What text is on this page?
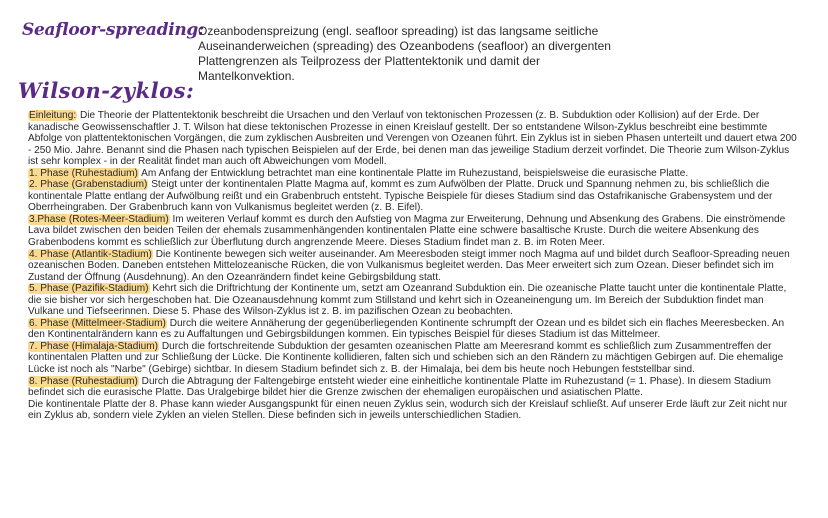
Seafloor-spreading:
Ozeanbodenspreizung (engl. seafloor spreading) ist das langsame seitliche Auseinanderweichen (spreading) des Ozeanbodens (seafloor) an divergenten Plattengrenzen als Teilprozess der Plattentektonik und damit der Mantelkonvektion.
Wilson-zyklos:

Einleitung: Die Theorie der Plattentektonik beschreibt die Ursachen und den Verlauf von tektonischen Prozessen (z. B. Subduktion oder Kollision) auf der Erde. Der kanadische Geowissenschaftler J. T. Wilson hat diese tektonischen Prozesse in einen Kreislauf gestellt. Der so entstandene Wilson-Zyklus beschreibt eine bestimmte Abfolge von plattentektonischen Vorgängen, die zum zyklischen Ausbreiten und Verengen von Ozeanen führt. Ein Zyklus ist in sieben Phasen unterteilt und dauert etwa 200 - 250 Mio. Jahre. Benannt sind die Phasen nach typischen Beispielen auf der Erde, bei denen man das jeweilige Stadium derzeit vorfindet. Die Theorie zum Wilson-Zyklus ist sehr komplex - in der Realität findet man auch oft Abweichungen vom Modell.

1. Phase (Ruhestadium) Am Anfang der Entwicklung betrachtet man eine kontinentale Platte im Ruhezustand, beispielsweise die eurasische Platte.

2. Phase (Grabenstadium) Steigt unter der kontinentalen Platte Magma auf, kommt es zum Aufwölben der Platte. Druck und Spannung nehmen zu, bis schließlich die kontinentale Platte entlang der Aufwölbung reißt und ein Grabenbruch entsteht. Typische Beispiele für dieses Stadium sind das Ostafrikanische Grabensystem und der Oberrheingraben. Der Grabenbruch kann von Vulkanismus begleitet werden (z. B. Eifel).

3.Phase (Rotes-Meer-Stadium) Im weiteren Verlauf kommt es durch den Aufstieg von Magma zur Erweiterung, Dehnung und Absenkung des Grabens. Die einströmende Lava bildet zwischen den beiden Teilen der ehemals zusammenhängenden kontinentalen Platte eine schwere basaltische Kruste. Durch die weitere Absenkung des Grabenbodens kommt es schließlich zur Überflutung durch angrenzende Meere. Dieses Stadium findet man z. B. im Roten Meer.

4. Phase (Atlantik-Stadium) Die Kontinente bewegen sich weiter auseinander. Am Meeresboden steigt immer noch Magma auf und bildet durch Seafloor-Spreading neuen ozeanischen Boden. Daneben entstehen Mittelozeanische Rücken, die von Vulkanismus begleitet werden. Das Meer erweitert sich zum Ozean. Dieser befindet sich im Zustand der Öffnung (Ausdehnung). An den Ozeanrändern findet keine Gebirgsbildung statt.

5. Phase (Pazifik-Stadium) Kehrt sich die Driftrichtung der Kontinente um, setzt am Ozeanrand Subduktion ein. Die ozeanische Platte taucht unter die kontinentale Platte, die sie bisher vor sich hergeschoben hat. Die Ozeanausdehnung kommt zum Stillstand und kehrt sich in Ozeaneinengung um. Im Bereich der Subduktion findet man Vulkane und Tiefseerinnen. Diese 5. Phase des Wilson-Zyklus ist z. B. im pazifischen Ozean zu beobachten.

6. Phase (Mittelmeer-Stadium) Durch die weitere Annäherung der gegenüberliegenden Kontinente schrumpft der Ozean und es bildet sich ein flaches Meeresbecken. An den Kontinentalrändern kann es zu Auffaltungen und Gebirgsbildungen kommen. Ein typisches Beispiel für dieses Stadium ist das Mittelmeer.

7. Phase (Himalaja-Stadium) Durch die fortschreitende Subduktion der gesamten ozeanischen Platte am Meeresrand kommt es schließlich zum Zusammentreffen der kontinentalen Platten und zur Schließung der Lücke. Die Kontinente kollidieren, falten sich und schieben sich an den Rändern zu mächtigen Gebirgen auf. Die ehemalige Lücke ist noch als "Narbe" (Gebirge) sichtbar. In diesem Stadium befindet sich z. B. der Himalaja, bei dem bis heute noch Hebungen feststellbar sind.

8. Phase (Ruhestadium) Durch die Abtragung der Faltengebirge entsteht wieder eine einheitliche kontinentale Platte im Ruhezustand (= 1. Phase). In diesem Stadium befindet sich die eurasische Platte. Das Uralgebirge bildet hier die Grenze zwischen der ehemaligen europäischen und asiatischen Platte.

Die kontinentale Platte der 8. Phase kann wieder Ausgangspunkt für einen neuen Zyklus sein, wodurch sich der Kreislauf schließt. Auf unserer Erde läuft zur Zeit nicht nur ein Zyklus ab, sondern viele Zyklen an vielen Stellen. Diese befinden sich in jeweils unterschiedlichen Stadien.
